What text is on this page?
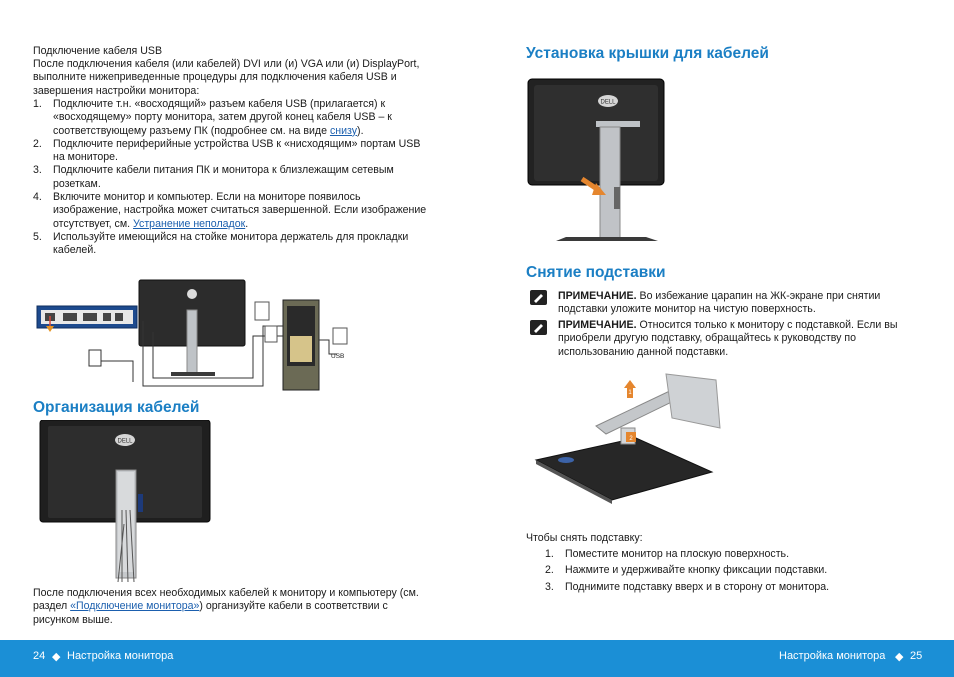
Подключение кабеля USB
После подключения кабеля (или кабелей) DVI или (и) VGA или (и) DisplayPort, выполните нижеприведенные процедуры для подключения кабеля USB и завершения настройки монитора:
1. Подключите т.н. «восходящий» разъем кабеля USB (прилагается) к «восходящему» порту монитора, затем другой конец кабеля USB – к соответствующему разъему ПК (подробнее см. на виде снизу).
2. Подключите периферийные устройства USB к «нисходящим» портам USB на мониторе.
3. Подключите кабели питания ПК и монитора к близлежащим сетевым розеткам.
4. Включите монитор и компьютер. Если на мониторе появилось изображение, настройка может считаться завершенной. Если изображение отсутствует, см. Устранение неполадок.
5. Используйте имеющийся на стойке монитора держатель для прокладки кабелей.
USB
Организация кабелей
DELL
После подключения всех необходимых кабелей к монитору и компьютеру (см. раздел «Подключение монитора») организуйте кабели в соответствии с рисунком выше.
Установка крышки для кабелей
DELL
Снятие подставки
ПРИМЕЧАНИЕ. Во избежание царапин на ЖК-экране при снятии подставки уложите монитор на чистую поверхность.
ПРИМЕЧАНИЕ. Относится только к монитору с подставкой. Если вы приобрели другую подставку, обращайтесь к руководству по использованию данной подставки.
1
2
Чтобы снять подставку:
1. Поместите монитор на плоскую поверхность.
2. Нажмите и удерживайте кнопку фиксации подставки.
3. Поднимите подставку вверх и в сторону от монитора.
24 ◆ Настройка монитора	Настройка монитора ◆ 25
